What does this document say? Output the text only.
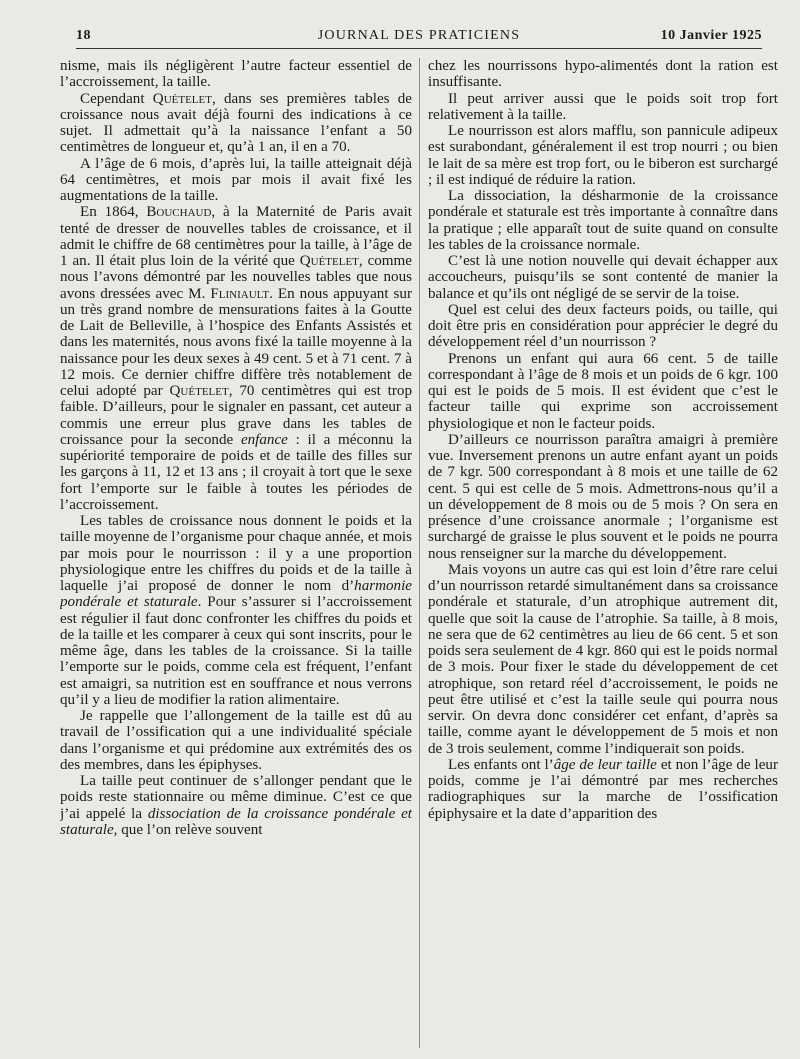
18	JOURNAL DES PRATICIENS	10 Janvier 1925

nisme, mais ils négligèrent l’autre facteur essentiel de l’accroissement, la taille.

Cependant Quételet, dans ses premières tables de croissance nous avait déjà fourni des indications à ce sujet. Il admettait qu’à la naissance l’enfant a 50 centimètres de longueur et, qu’à 1 an, il en a 70.

A l’âge de 6 mois, d’après lui, la taille atteignait déjà 64 centimètres, et mois par mois il avait fixé les augmentations de la taille.

En 1864, Bouchaud, à la Maternité de Paris avait tenté de dresser de nouvelles tables de croissance, et il admit le chiffre de 68 centimètres pour la taille, à l’âge de 1 an. Il était plus loin de la vérité que Quételet, comme nous l’avons démontré par les nouvelles tables que nous avons dressées avec M. Fliniault. En nous appuyant sur un très grand nombre de mensurations faites à la Goutte de Lait de Belleville, à l’hospice des Enfants Assistés et dans les maternités, nous avons fixé la taille moyenne à la naissance pour les deux sexes à 49 cent. 5 et à 71 cent. 7 à 12 mois. Ce dernier chiffre diffère très notablement de celui adopté par Quételet, 70 centimètres qui est trop faible. D’ailleurs, pour le signaler en passant, cet auteur a commis une erreur plus grave dans les tables de croissance pour la seconde enfance : il a méconnu la supériorité temporaire de poids et de taille des filles sur les garçons à 11, 12 et 13 ans ; il croyait à tort que le sexe fort l’emporte sur le faible à toutes les périodes de l’accroissement.

Les tables de croissance nous donnent le poids et la taille moyenne de l’organisme pour chaque année, et mois par mois pour le nourrisson : il y a une proportion physiologique entre les chiffres du poids et de la taille à laquelle j’ai proposé de donner le nom d’harmonie pondérale et staturale. Pour s’assurer si l’accroissement est régulier il faut donc confronter les chiffres du poids et de la taille et les comparer à ceux qui sont inscrits, pour le même âge, dans les tables de la croissance. Si la taille l’emporte sur le poids, comme cela est fréquent, l’enfant est amaigri, sa nutrition est en souffrance et nous verrons qu’il y a lieu de modifier la ration alimentaire.

Je rappelle que l’allongement de la taille est dû au travail de l’ossification qui a une individualité spéciale dans l’organisme et qui prédomine aux extrémités des os des membres, dans les épiphyses.

La taille peut continuer de s’allonger pendant que le poids reste stationnaire ou même diminue. C’est ce que j’ai appelé la dissociation de la croissance pondérale et staturale, que l’on relève souvent

chez les nourrissons hypo-alimentés dont la ration est insuffisante.

Il peut arriver aussi que le poids soit trop fort relativement à la taille.

Le nourrisson est alors mafflu, son pannicule adipeux est surabondant, généralement il est trop nourri ; ou bien le lait de sa mère est trop fort, ou le biberon est surchargé ; il est indiqué de réduire la ration.

La dissociation, la désharmonie de la croissance pondérale et staturale est très importante à connaître dans la pratique ; elle apparaît tout de suite quand on consulte les tables de la croissance normale.

C’est là une notion nouvelle qui devait échapper aux accoucheurs, puisqu’ils se sont contenté de manier la balance et qu’ils ont négligé de se servir de la toise.

Quel est celui des deux facteurs poids, ou taille, qui doit être pris en considération pour apprécier le degré du développement réel d’un nourrisson ?

Prenons un enfant qui aura 66 cent. 5 de taille correspondant à l’âge de 8 mois et un poids de 6 kgr. 100 qui est le poids de 5 mois. Il est évident que c’est le facteur taille qui exprime son accroissement physiologique et non le facteur poids.

D’ailleurs ce nourrisson paraîtra amaigri à première vue. Inversement prenons un autre enfant ayant un poids de 7 kgr. 500 correspondant à 8 mois et une taille de 62 cent. 5 qui est celle de 5 mois. Admettrons-nous qu’il a un développement de 8 mois ou de 5 mois ? On sera en présence d’une croissance anormale ; l’organisme est surchargé de graisse le plus souvent et le poids ne pourra nous renseigner sur la marche du développement.

Mais voyons un autre cas qui est loin d’être rare celui d’un nourrisson retardé simultanément dans sa croissance pondérale et staturale, d’un atrophique autrement dit, quelle que soit la cause de l’atrophie. Sa taille, à 8 mois, ne sera que de 62 centimètres au lieu de 66 cent. 5 et son poids sera seulement de 4 kgr. 860 qui est le poids normal de 3 mois. Pour fixer le stade du développement de cet atrophique, son retard réel d’accroissement, le poids ne peut être utilisé et c’est la taille seule qui pourra nous servir. On devra donc considérer cet enfant, d’après sa taille, comme ayant le développement de 5 mois et non de 3 trois seulement, comme l’indiquerait son poids.

Les enfants ont l’âge de leur taille et non l’âge de leur poids, comme je l’ai démontré par mes recherches radiographiques sur la marche de l’ossification épiphysaire et la date d’apparition des
